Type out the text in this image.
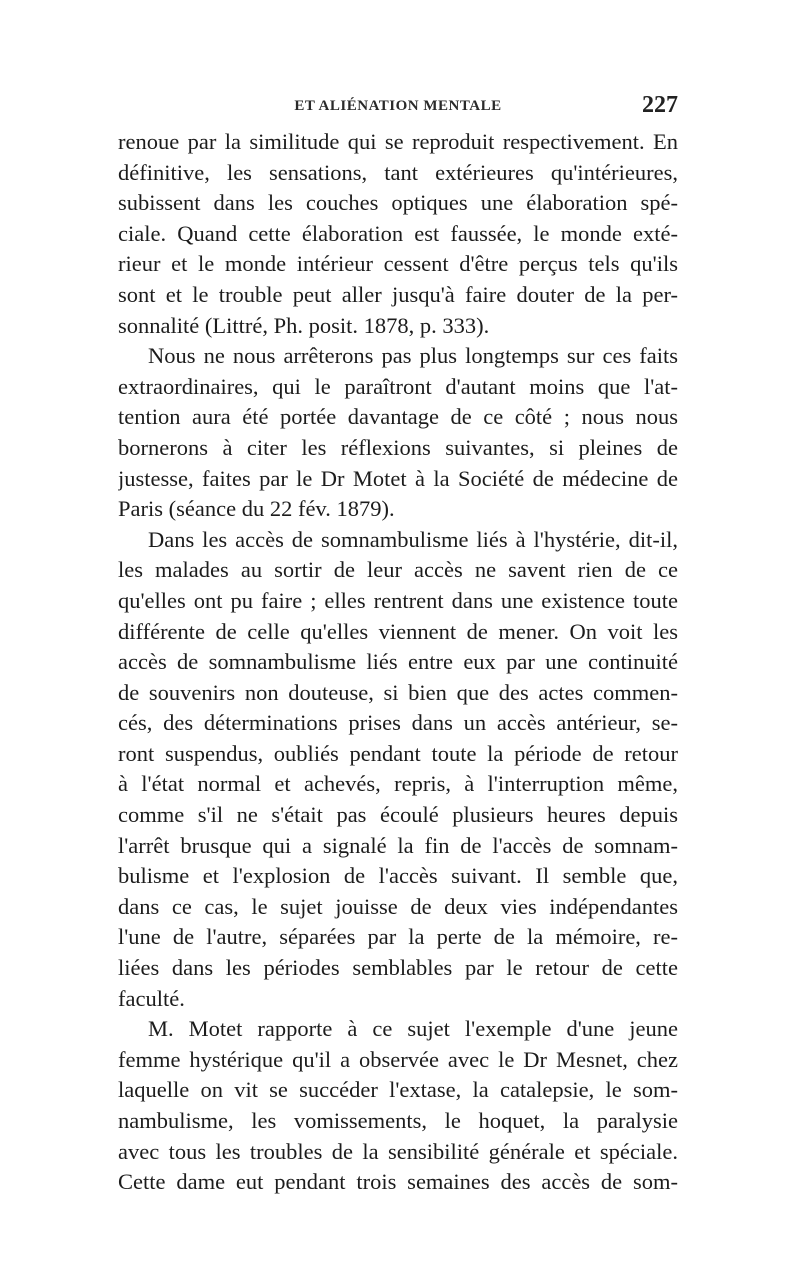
ET ALIÉNATION MENTALE	227
renoue par la similitude qui se reproduit respectivement. En
définitive, les sensations, tant extérieures qu'intérieures,
subissent dans les couches optiques une élaboration spé-
ciale. Quand cette élaboration est faussée, le monde exté-
rieur et le monde intérieur cessent d'être perçus tels qu'ils
sont et le trouble peut aller jusqu'à faire douter de la per-
sonnalité (Littré, Ph. posit. 1878, p. 333).
Nous ne nous arrêterons pas plus longtemps sur ces faits
extraordinaires, qui le paraîtront d'autant moins que l'at-
tention aura été portée davantage de ce côté ; nous nous
bornerons à citer les réflexions suivantes, si pleines de
justesse, faites par le Dr Motet à la Société de médecine de
Paris (séance du 22 fév. 1879).
Dans les accès de somnambulisme liés à l'hystérie, dit-il,
les malades au sortir de leur accès ne savent rien de ce
qu'elles ont pu faire ; elles rentrent dans une existence toute
différente de celle qu'elles viennent de mener. On voit les
accès de somnambulisme liés entre eux par une continuité
de souvenirs non douteuse, si bien que des actes commen-
cés, des déterminations prises dans un accès antérieur, se-
ront suspendus, oubliés pendant toute la période de retour
à l'état normal et achevés, repris, à l'interruption même,
comme s'il ne s'était pas écoulé plusieurs heures depuis
l'arrêt brusque qui a signalé la fin de l'accès de somnam-
bulisme et l'explosion de l'accès suivant. Il semble que,
dans ce cas, le sujet jouisse de deux vies indépendantes
l'une de l'autre, séparées par la perte de la mémoire, re-
liées dans les périodes semblables par le retour de cette
faculté.
M. Motet rapporte à ce sujet l'exemple d'une jeune
femme hystérique qu'il a observée avec le Dr Mesnet, chez
laquelle on vit se succéder l'extase, la catalepsie, le som-
nambulisme, les vomissements, le hoquet, la paralysie
avec tous les troubles de la sensibilité générale et spéciale.
Cette dame eut pendant trois semaines des accès de som-
